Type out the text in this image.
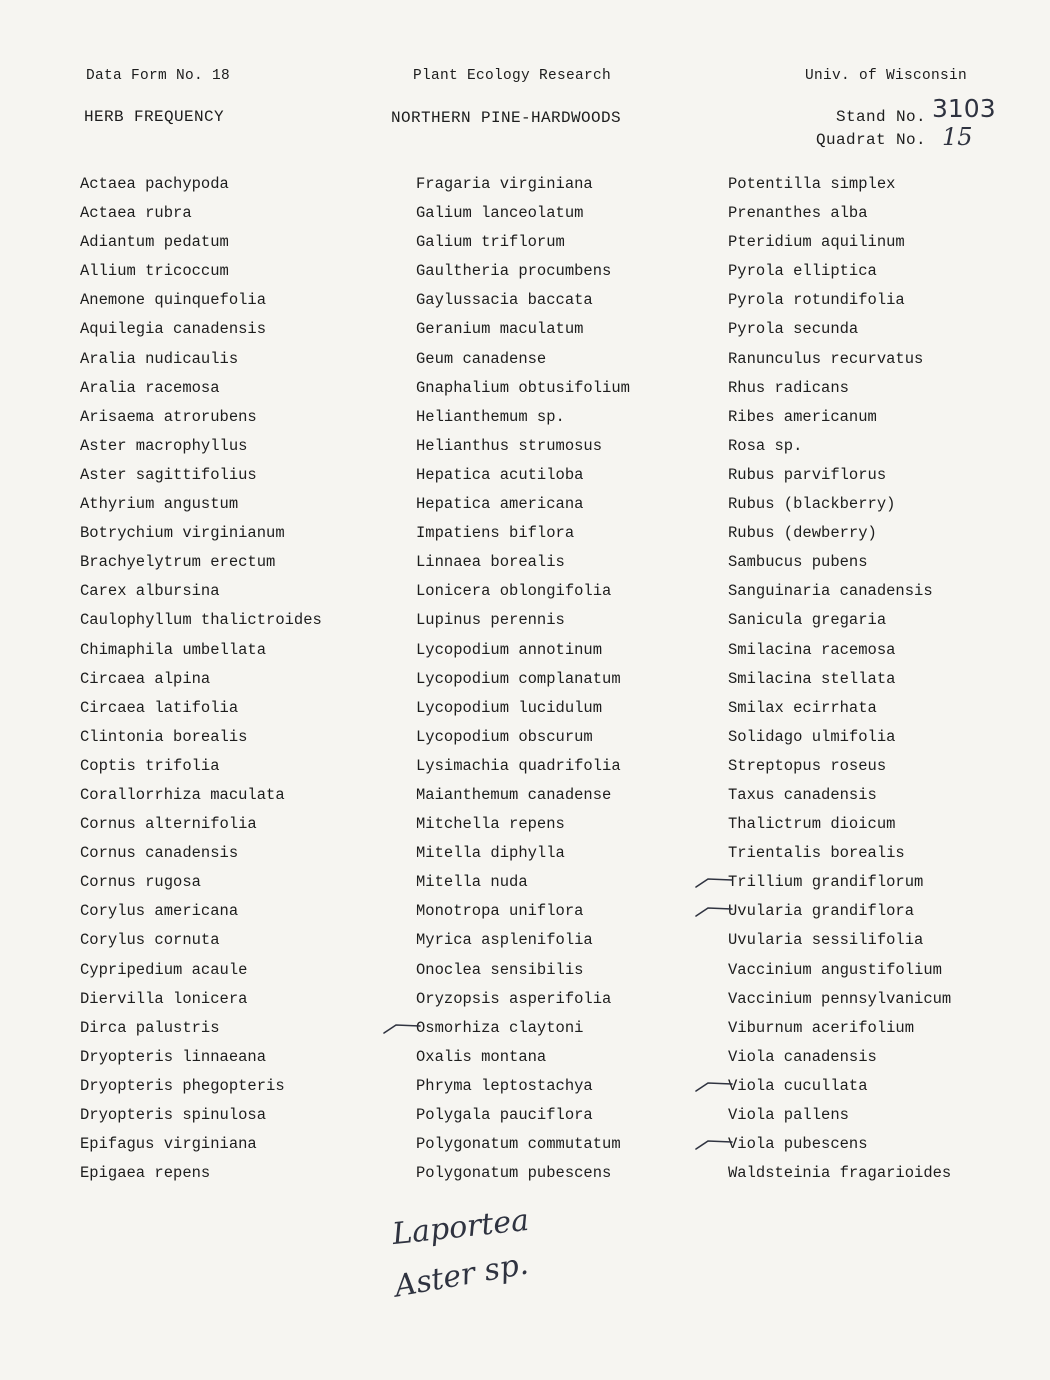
Data Form No. 18	Plant Ecology Research	Univ. of Wisconsin
HERB FREQUENCY	NORTHERN PINE-HARDWOODS	Stand No. 3103
Quadrat No. 15
Actaea pachypoda
Actaea rubra
Adiantum pedatum
Allium tricoccum
Anemone quinquefolia
Aquilegia canadensis
Aralia nudicaulis
Aralia racemosa
Arisaema atrorubens
Aster macrophyllus
Aster sagittifolius
Athyrium angustum
Botrychium virginianum
Brachyelytrum erectum
Carex albursina
Caulophyllum thalictroides
Chimaphila umbellata
Circaea alpina
Circaea latifolia
Clintonia borealis
Coptis trifolia
Corallorrhiza maculata
Cornus alternifolia
Cornus canadensis
Cornus rugosa
Corylus americana
Corylus cornuta
Cypripedium acaule
Diervilla lonicera
Dirca palustris
Dryopteris linnaeana
Dryopteris phegopteris
Dryopteris spinulosa
Epifagus virginiana
Epigaea repens
Fragaria virginiana
Galium lanceolatum
Galium triflorum
Gaultheria procumbens
Gaylussacia baccata
Geranium maculatum
Geum canadense
Gnaphalium obtusifolium
Helianthemum sp.
Helianthus strumosus
Hepatica acutiloba
Hepatica americana
Impatiens biflora
Linnaea borealis
Lonicera oblongifolia
Lupinus perennis
Lycopodium annotinum
Lycopodium complanatum
Lycopodium lucidulum
Lycopodium obscurum
Lysimachia quadrifolia
Maianthemum canadense
Mitchella repens
Mitella diphylla
Mitella nuda
Monotropa uniflora
Myrica asplenifolia
Onoclea sensibilis
Oryzopsis asperifolia
Osmorhiza claytoni
Oxalis montana
Phryma leptostachya
Polygala pauciflora
Polygonatum commutatum
Polygonatum pubescens
Potentilla simplex
Prenanthes alba
Pteridium aquilinum
Pyrola elliptica
Pyrola rotundifolia
Pyrola secunda
Ranunculus recurvatus
Rhus radicans
Ribes americanum
Rosa sp.
Rubus parviflorus
Rubus (blackberry)
Rubus (dewberry)
Sambucus pubens
Sanguinaria canadensis
Sanicula gregaria
Smilacina racemosa
Smilacina stellata
Smilax ecirrhata
Solidago ulmifolia
Streptopus roseus
Taxus canadensis
Thalictrum dioicum
Trientalis borealis
Trillium grandiflorum
Uvularia grandiflora
Uvularia sessilifolia
Vaccinium angustifolium
Vaccinium pennsylvanicum
Viburnum acerifolium
Viola canadensis
Viola cucullata
Viola pallens
Viola pubescens
Waldsteinia fragarioides
Laportea
Aster sp.
